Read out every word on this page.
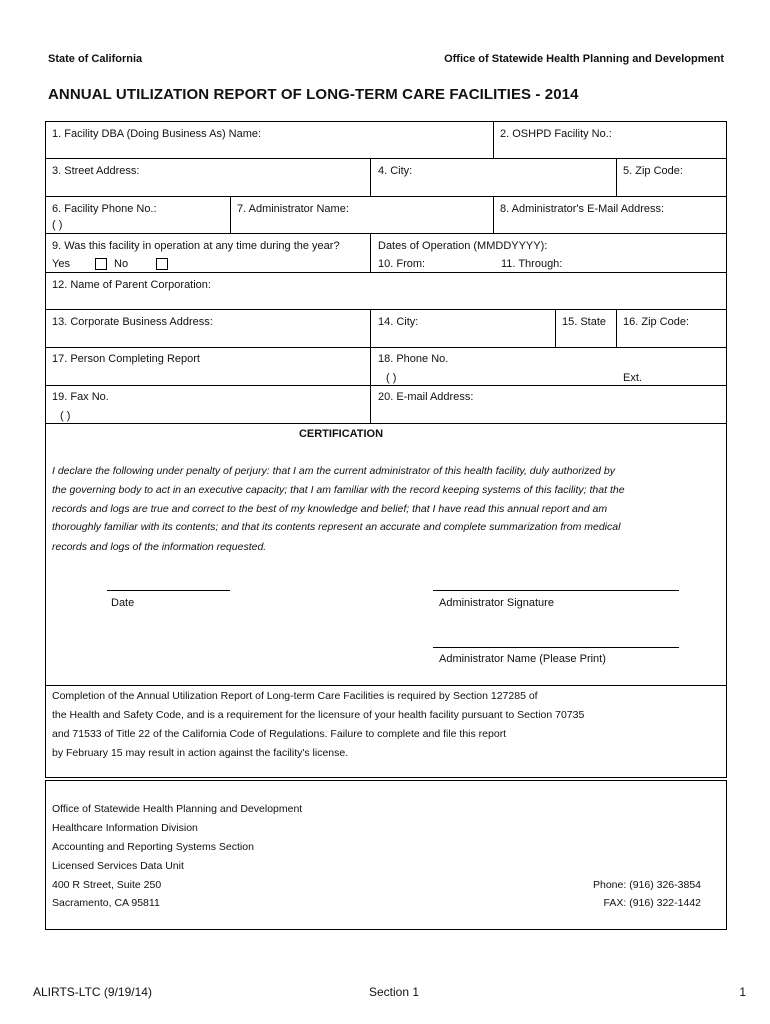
State of California	Office of Statewide Health Planning and Development
ANNUAL UTILIZATION REPORT OF LONG-TERM CARE FACILITIES - 2014
1. Facility DBA (Doing Business As) Name:	2. OSHPD Facility No.:
3. Street Address:	4. City:	5. Zip Code:
6. Facility Phone No.:
( )
7. Administrator Name:	8. Administrator's E-Mail Address:
9. Was this facility in operation at any time during the year?
Yes	No
Dates of Operation (MMDDYYYY):
10. From:	11. Through:
12. Name of Parent Corporation:
13. Corporate Business Address:	14. City:	15. State 16. Zip Code:
17. Person Completing Report	18. Phone No.
( )	Ext.
19. Fax No.
( )
20. E-mail Address:
CERTIFICATION
I declare the following under penalty of perjury: that I am the current administrator of this health facility, duly authorized by
the governing body to act in an executive capacity; that I am familiar with the record keeping systems of this facility; that the
records and logs are true and correct to the best of my knowledge and belief; that I have read this annual report and am
thoroughly familiar with its contents; and that its contents represent an accurate and complete summarization from medical
records and logs of the information requested.
Date	Administrator Signature
Administrator Name (Please Print)
Completion of the Annual Utilization Report of Long-term Care Facilities is required by Section 127285 of
the Health and Safety Code, and is a requirement for the licensure of your health facility pursuant to Section 70735
and 71533 of Title 22 of the California Code of Regulations. Failure to complete and file this report
by February 15 may result in action against the facility's license.
Office of Statewide Health Planning and Development
Healthcare Information Division
Accounting and Reporting Systems Section
Licensed Services Data Unit
400 R Street, Suite 250
Sacramento, CA 95811
Phone: (916) 326-3854
FAX: (916) 322-1442
ALIRTS-LTC (9/19/14)	Section 1	1
